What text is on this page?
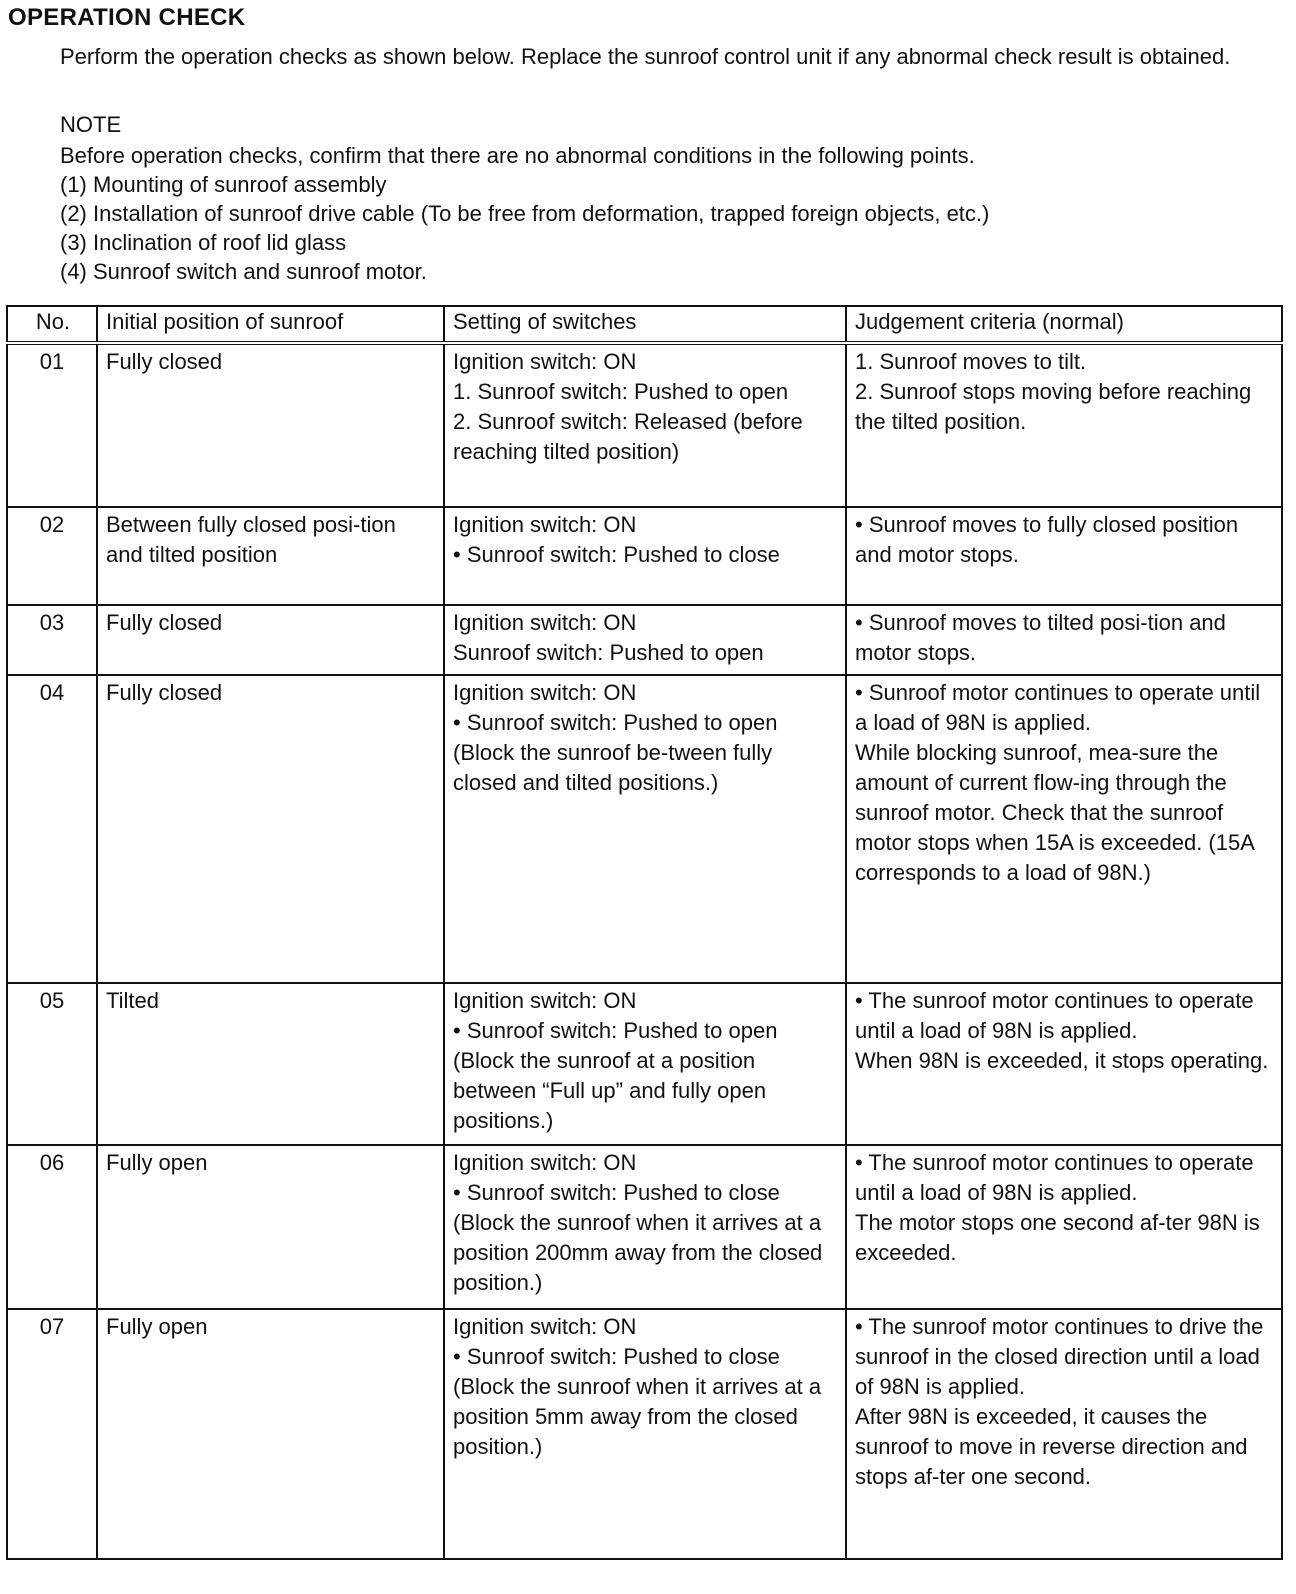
OPERATION CHECK
Perform the operation checks as shown below. Replace the sunroof control unit if any abnormal check result is obtained.
NOTE
Before operation checks, confirm that there are no abnormal conditions in the following points.
(1) Mounting of sunroof assembly
(2) Installation of sunroof drive cable (To be free from deformation, trapped foreign objects, etc.)
(3) Inclination of roof lid glass
(4) Sunroof switch and sunroof motor.
No.	Initial position of sunroof	Setting of switches	Judgement criteria (normal)
01	Fully closed	Ignition switch: ON
1. Sunroof switch: Pushed to open
2. Sunroof switch: Released (before reaching tilted position)	1. Sunroof moves to tilt.
2. Sunroof stops moving before reaching the tilted position.

02	Between fully closed posi-tion and tilted position	Ignition switch: ON
• Sunroof switch: Pushed to close	• Sunroof moves to fully closed position and motor stops.

03	Fully closed	Ignition switch: ON
Sunroof switch: Pushed to open	• Sunroof moves to tilted posi-tion and motor stops.

04	Fully closed	Ignition switch: ON
• Sunroof switch: Pushed to open (Block the sunroof be-tween fully closed and tilted positions.)	• Sunroof motor continues to operate until a load of 98N is applied.
While blocking sunroof, mea-sure the amount of current flow-ing through the sunroof motor. Check that the sunroof motor stops when 15A is exceeded. (15A corresponds to a load of 98N.)

05	Tilted	Ignition switch: ON
• Sunroof switch: Pushed to open (Block the sunroof at a position between “Full up” and fully open positions.)	• The sunroof motor continues to operate until a load of 98N is applied.
When 98N is exceeded, it stops operating.

06	Fully open	Ignition switch: ON
• Sunroof switch: Pushed to close (Block the sunroof when it arrives at a position 200mm away from the closed position.)	• The sunroof motor continues to operate until a load of 98N is applied.
The motor stops one second af-ter 98N is exceeded.

07	Fully open	Ignition switch: ON
• Sunroof switch: Pushed to close (Block the sunroof when it arrives at a position 5mm away from the closed position.)	• The sunroof motor continues to drive the sunroof in the closed direction until a load of 98N is applied.
After 98N is exceeded, it causes the sunroof to move in reverse direction and stops af-ter one second.
